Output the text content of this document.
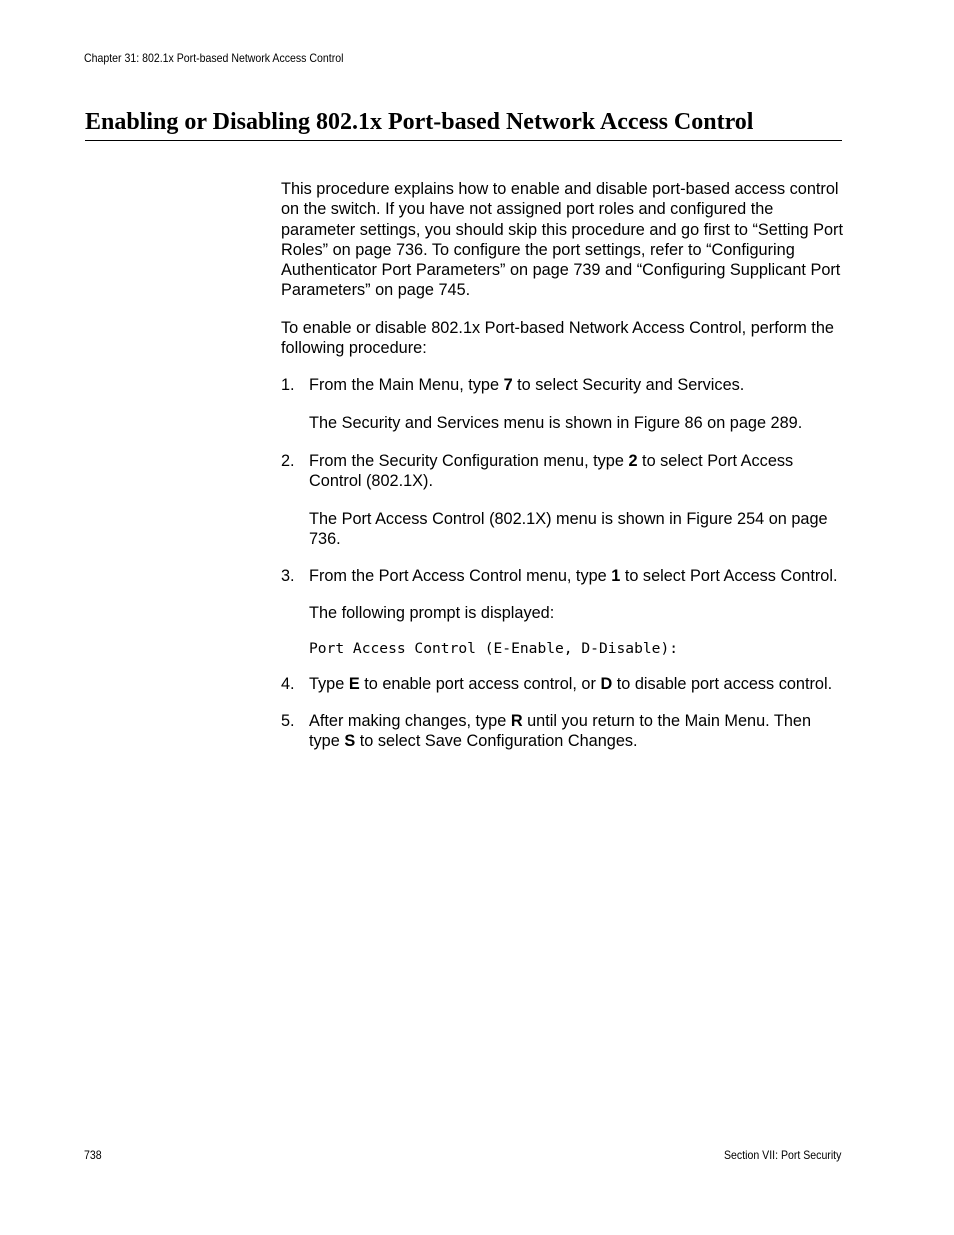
Chapter 31: 802.1x Port-based Network Access Control
Enabling or Disabling 802.1x Port-based Network Access Control

This procedure explains how to enable and disable port-based access control on the switch. If you have not assigned port roles and configured the parameter settings, you should skip this procedure and go first to “Setting Port Roles” on page 736. To configure the port settings, refer to “Configuring Authenticator Port Parameters” on page 739 and “Configuring Supplicant Port Parameters” on page 745.

To enable or disable 802.1x Port-based Network Access Control, perform the following procedure:

1. From the Main Menu, type 7 to select Security and Services.

The Security and Services menu is shown in Figure 86 on page 289.

2. From the Security Configuration menu, type 2 to select Port Access Control (802.1X).

The Port Access Control (802.1X) menu is shown in Figure 254 on page 736.

3. From the Port Access Control menu, type 1 to select Port Access Control.

The following prompt is displayed:

Port Access Control (E-Enable, D-Disable):

4. Type E to enable port access control, or D to disable port access control.

5. After making changes, type R until you return to the Main Menu. Then type S to select Save Configuration Changes.

738	Section VII: Port Security
